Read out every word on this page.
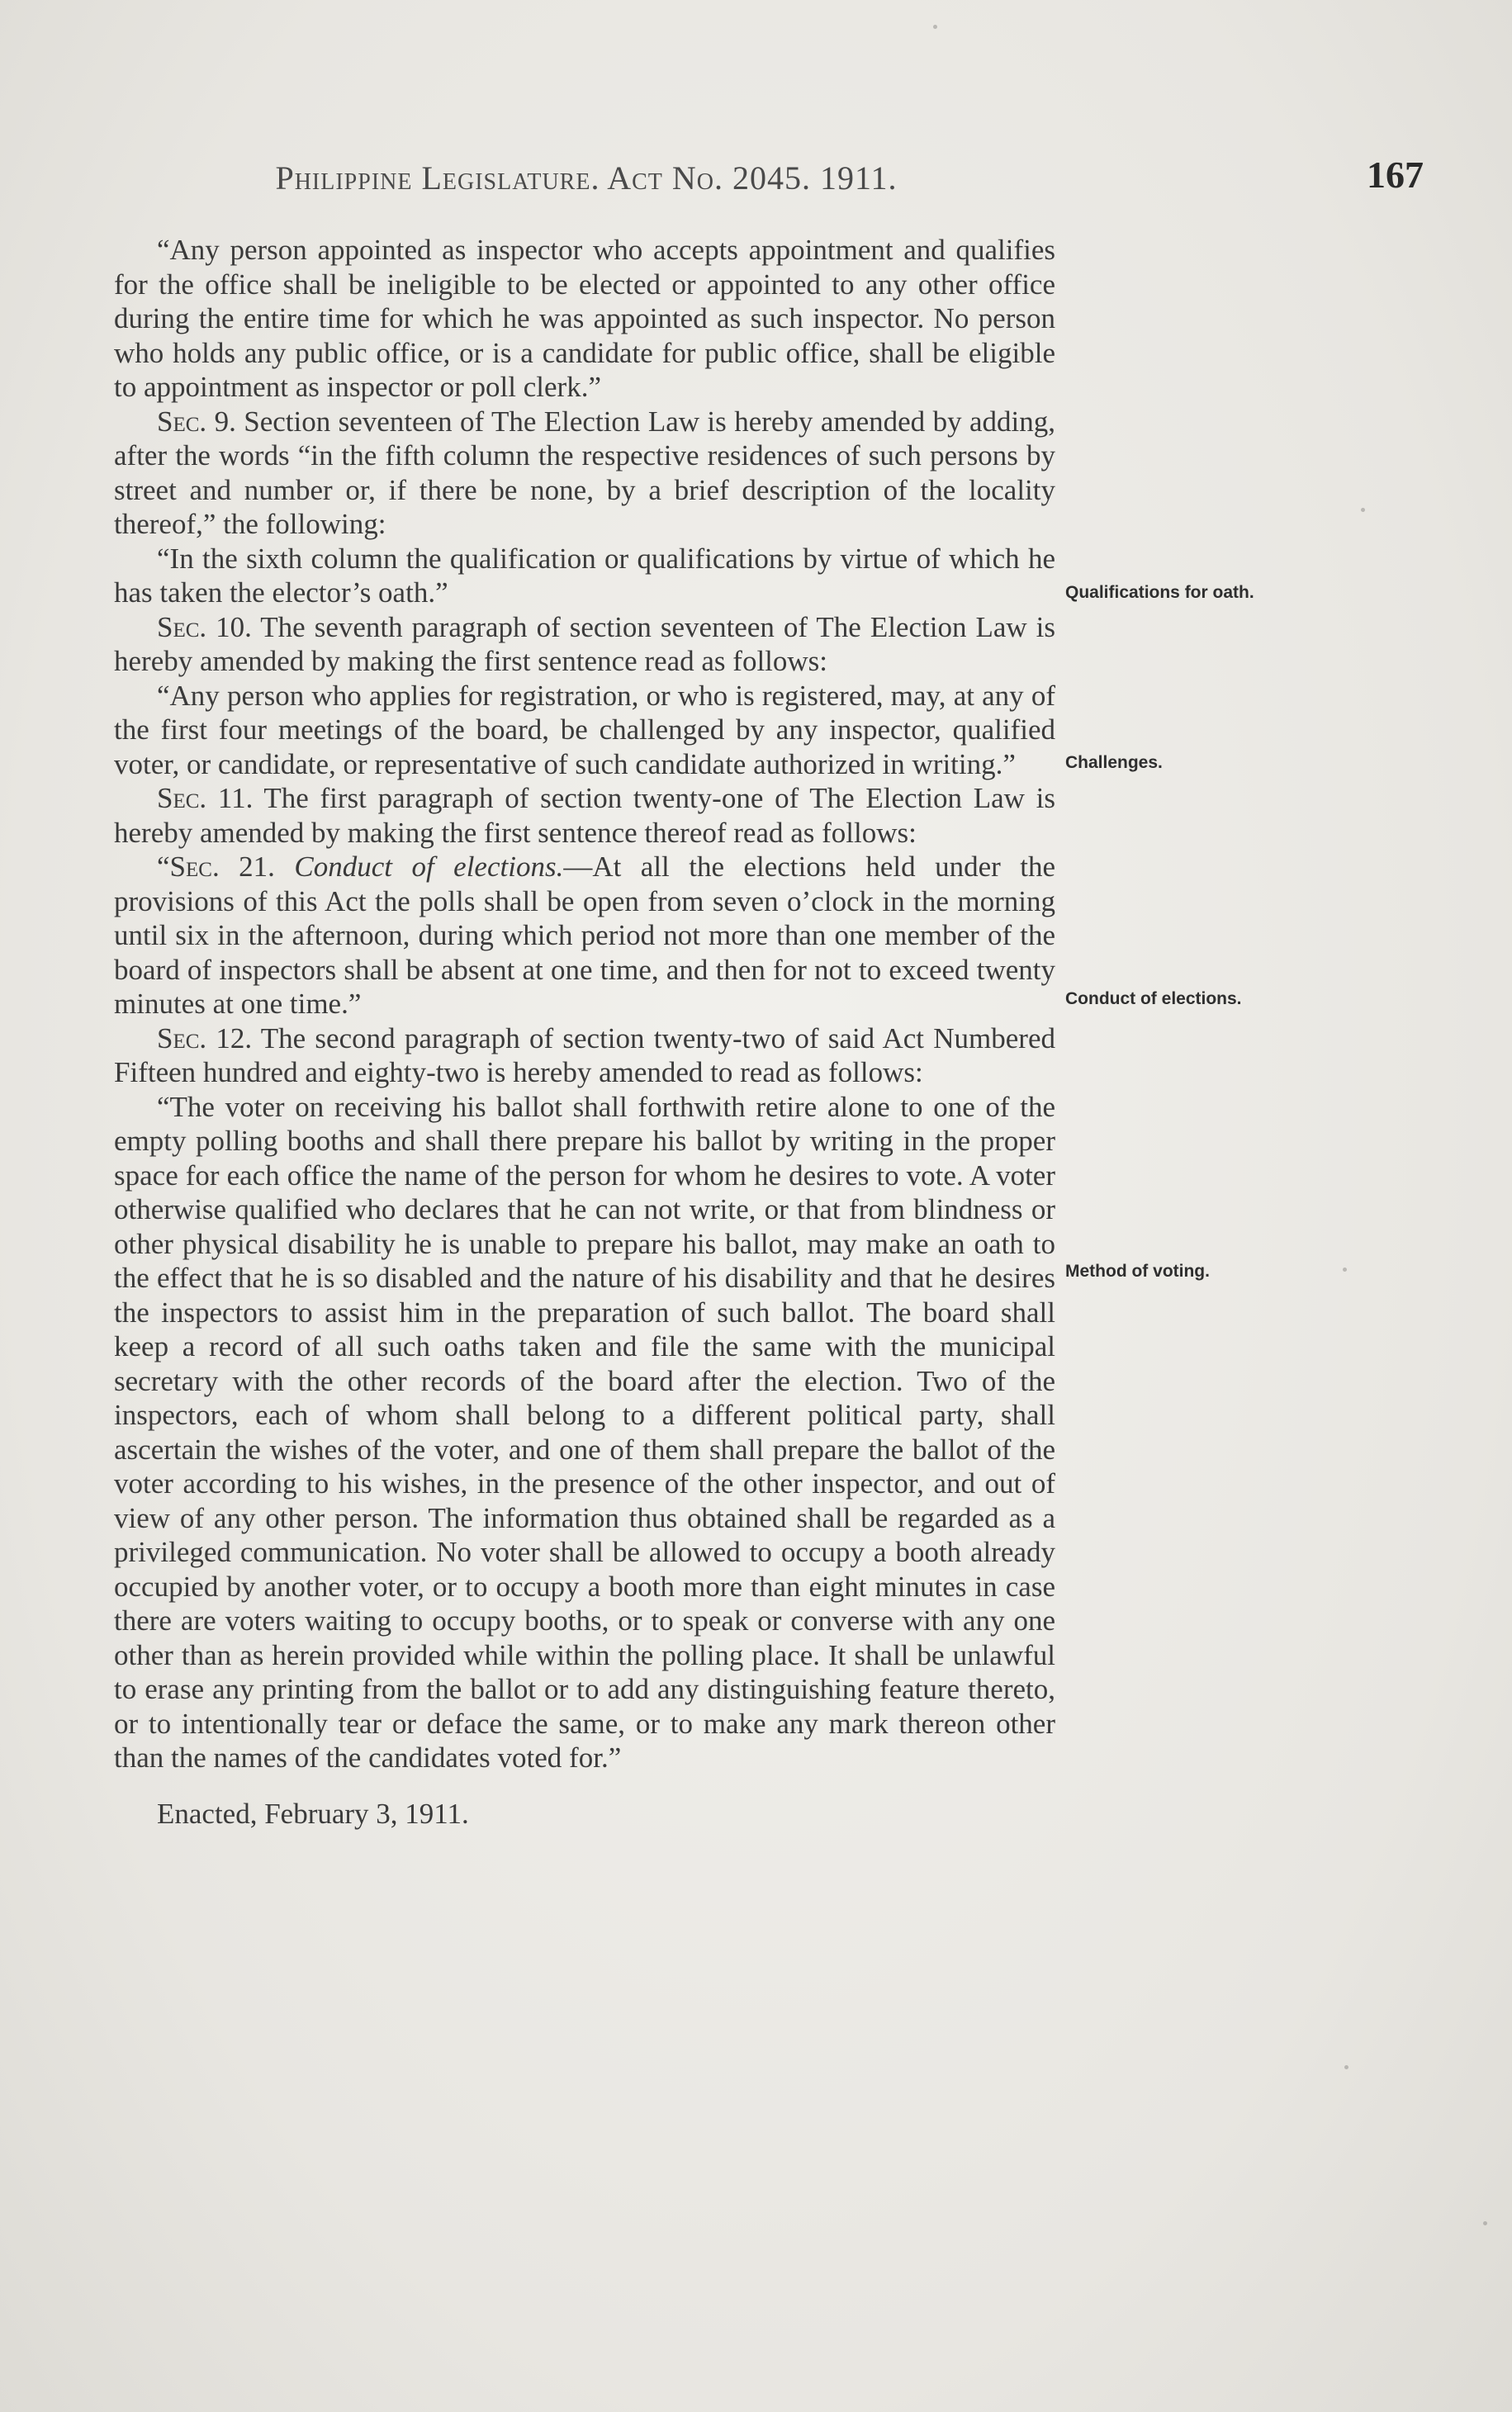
Philippine Legislature. Act No. 2045. 1911.	167

“Any person appointed as inspector who accepts appointment and qualifies for the office shall be ineligible to be elected or appointed to any other office during the entire time for which he was appointed as such inspector. No person who holds any public office, or is a candidate for public office, shall be eligible to appointment as inspector or poll clerk.”

Sec. 9. Section seventeen of The Election Law is hereby amended by adding, after the words “in the fifth column the respective residences of such persons by street and number or, if there be none, by a brief description of the locality thereof,” the following:

“In the sixth column the qualification or qualifications by virtue of which he has taken the elector’s oath.”

Sec. 10. The seventh paragraph of section seventeen of The Election Law is hereby amended by making the first sentence read as follows:

“Any person who applies for registration, or who is registered, may, at any of the first four meetings of the board, be challenged by any inspector, qualified voter, or candidate, or representative of such candidate authorized in writing.”

Sec. 11. The first paragraph of section twenty-one of The Election Law is hereby amended by making the first sentence thereof read as follows:

“Sec. 21. Conduct of elections.—At all the elections held under the provisions of this Act the polls shall be open from seven o’clock in the morning until six in the afternoon, during which period not more than one member of the board of inspectors shall be absent at one time, and then for not to exceed twenty minutes at one time.”

Sec. 12. The second paragraph of section twenty-two of said Act Numbered Fifteen hundred and eighty-two is hereby amended to read as follows:

“The voter on receiving his ballot shall forthwith retire alone to one of the empty polling booths and shall there prepare his ballot by writing in the proper space for each office the name of the person for whom he desires to vote. A voter otherwise qualified who declares that he can not write, or that from blindness or other physical disability he is unable to prepare his ballot, may make an oath to the effect that he is so disabled and the nature of his disability and that he desires the inspectors to assist him in the preparation of such ballot. The board shall keep a record of all such oaths taken and file the same with the municipal secretary with the other records of the board after the election. Two of the inspectors, each of whom shall belong to a different political party, shall ascertain the wishes of the voter, and one of them shall prepare the ballot of the voter according to his wishes, in the presence of the other inspector, and out of view of any other person. The information thus obtained shall be regarded as a privileged communication. No voter shall be allowed to occupy a booth already occupied by another voter, or to occupy a booth more than eight minutes in case there are voters waiting to occupy booths, or to speak or converse with any one other than as herein provided while within the polling place. It shall be unlawful to erase any printing from the ballot or to add any distinguishing feature thereto, or to intentionally tear or deface the same, or to make any mark thereon other than the names of the candidates voted for.”

Enacted, February 3, 1911.

Qualifications for oath.
Challenges.
Conduct of elections.
Method of voting.
